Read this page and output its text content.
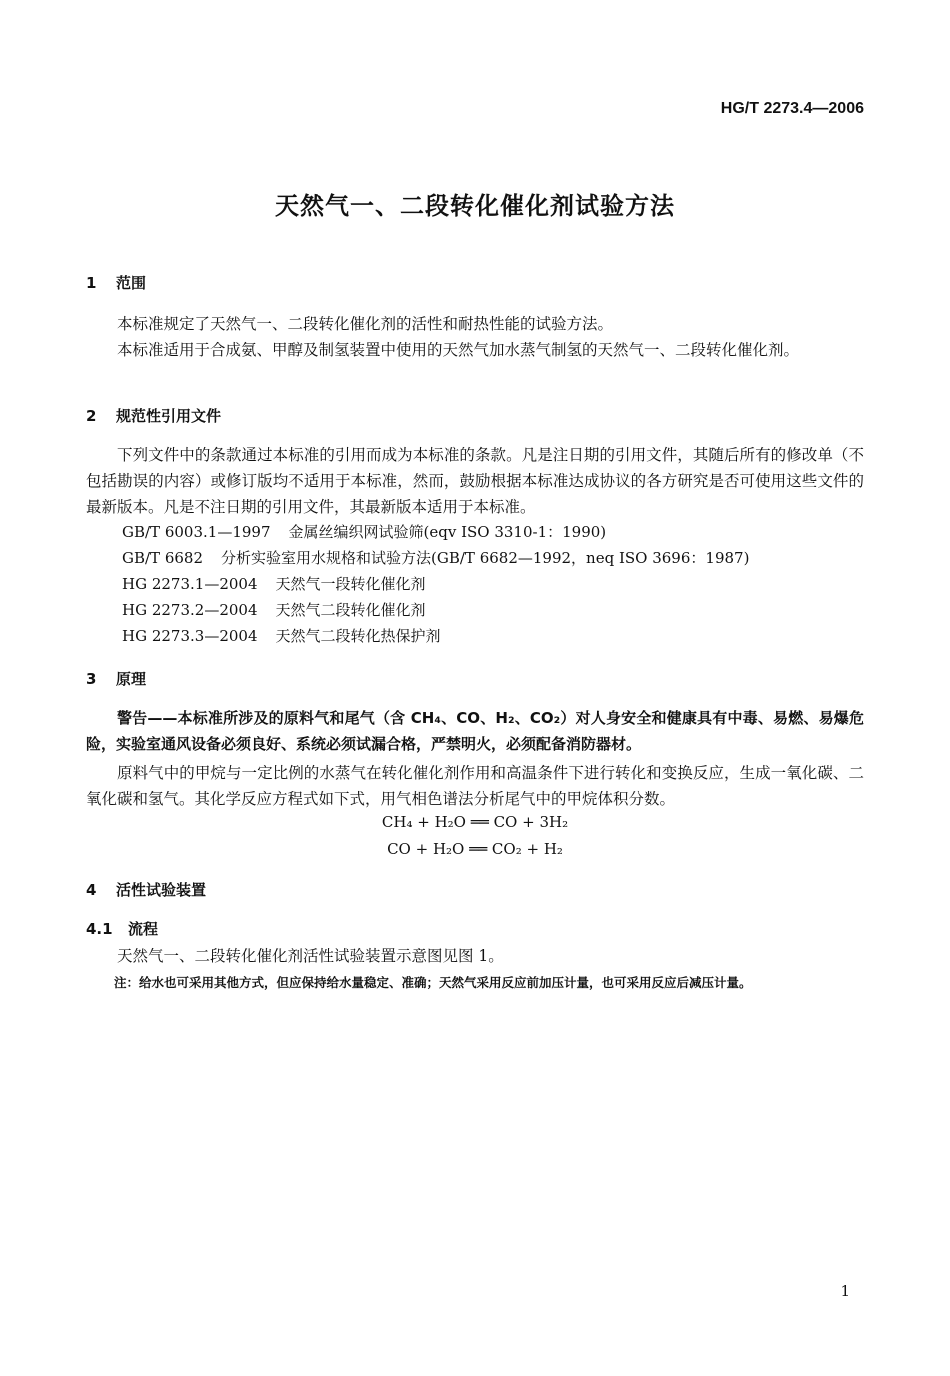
HG/T 2273.4—2006
天然气一、二段转化催化剂试验方法
1 范围
本标准规定了天然气一、二段转化催化剂的活性和耐热性能的试验方法。
本标准适用于合成氨、甲醇及制氢装置中使用的天然气加水蒸气制氢的天然气一、二段转化催化剂。
2 规范性引用文件
下列文件中的条款通过本标准的引用而成为本标准的条款。凡是注日期的引用文件，其随后所有的修改单（不包括勘误的内容）或修订版均不适用于本标准，然而，鼓励根据本标准达成协议的各方研究是否可使用这些文件的最新版本。凡是不注日期的引用文件，其最新版本适用于本标准。
GB/T 6003.1—1997 金属丝编织网试验筛(eqv ISO 3310-1：1990)
GB/T 6682 分析实验室用水规格和试验方法(GB/T 6682—1992，neq ISO 3696：1987)
HG 2273.1—2004 天然气一段转化催化剂
HG 2273.2—2004 天然气二段转化催化剂
HG 2273.3—2004 天然气二段转化热保护剂
3 原理
警告——本标准所涉及的原料气和尾气（含 CH₄、CO、H₂、CO₂）对人身安全和健康具有中毒、易燃、易爆危险，实验室通风设备必须良好、系统必须试漏合格，严禁明火，必须配备消防器材。
原料气中的甲烷与一定比例的水蒸气在转化催化剂作用和高温条件下进行转化和变换反应，生成一氧化碳、二氧化碳和氢气。其化学反应方程式如下式，用气相色谱法分析尾气中的甲烷体积分数。
CH₄ + H₂O ══ CO + 3H₂
CO + H₂O ══ CO₂ + H₂
4 活性试验装置
4.1 流程
天然气一、二段转化催化剂活性试验装置示意图见图 1。
注：给水也可采用其他方式，但应保持给水量稳定、准确；天然气采用反应前加压计量，也可采用反应后减压计量。
1
